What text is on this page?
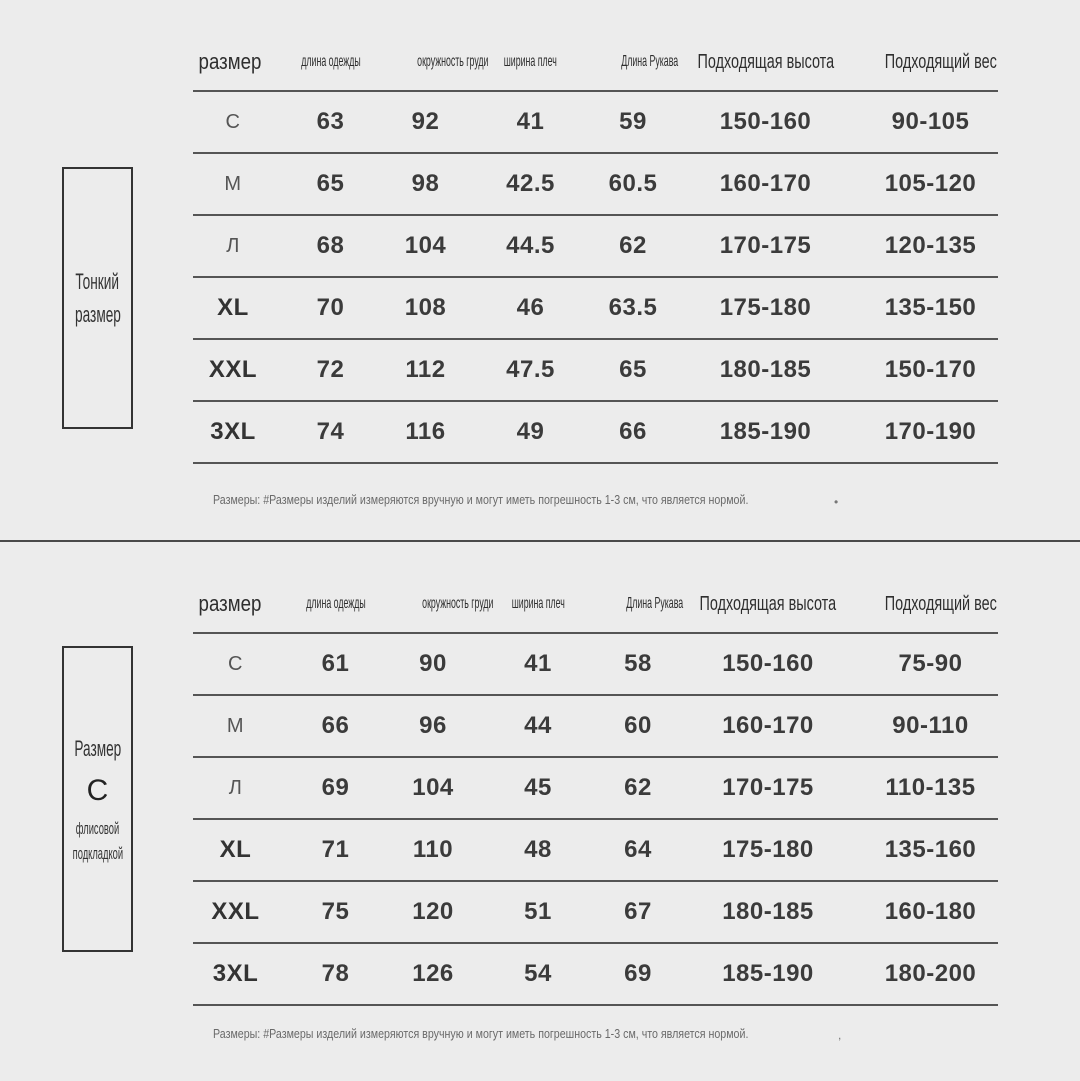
Тонкий
размер
размер	длина одежды	окружность груди	ширина плеч	Длина Рукава	Подходящая высота	Подходящий вес
С	63	92	41	59	150-160	90-105
М	65	98	42.5	60.5	160-170	105-120
Л	68	104	44.5	62	170-175	120-135
XL	70	108	46	63.5	175-180	135-150
XXL	72	112	47.5	65	180-185	150-170
3XL	74	116	49	66	185-190	170-190
Размеры: #Размеры изделий измеряются вручную и могут иметь погрешность 1-3 см, что является нормой.	•
Размер
С
флисовой
подкладкой
размер	длина одежды	окружность груди	ширина плеч	Длина Рукава	Подходящая высота	Подходящий вес
С	61	90	41	58	150-160	75-90
М	66	96	44	60	160-170	90-110
Л	69	104	45	62	170-175	110-135
XL	71	110	48	64	175-180	135-160
XXL	75	120	51	67	180-185	160-180
3XL	78	126	54	69	185-190	180-200
Размеры: #Размеры изделий измеряются вручную и могут иметь погрешность 1-3 см, что является нормой.	,
